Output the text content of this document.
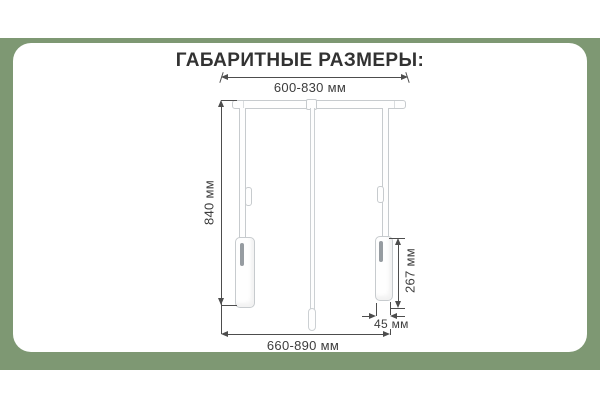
ГАБАРИТНЫЕ РАЗМЕРЫ:
600-830 мм
840 мм
267 мм
45 мм
660-890 мм
